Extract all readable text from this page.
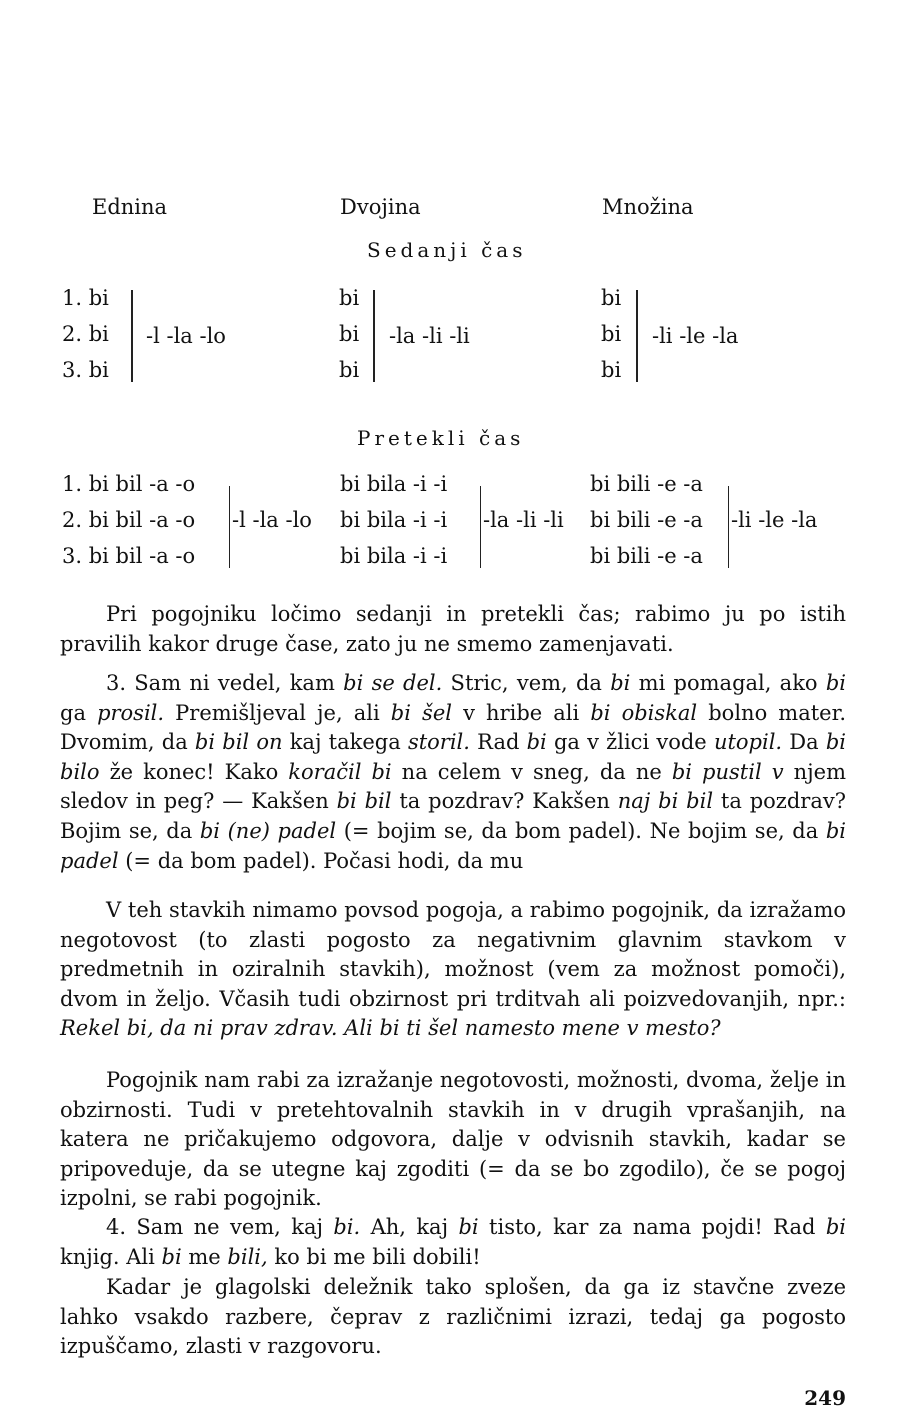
Ednina	Dvojina	Množina
Sedanji čas
1. bi
2. bi
3. bi
-l -la -lo
bi
bi
bi
-la -li -li
bi
bi
bi
-li -le -la
Pretekli čas
1. bi bil -a -o
2. bi bil -a -o
3. bi bil -a -o
-l -la -lo
bi bila -i -i
bi bila -i -i
bi bila -i -i
-la -li -li
bi bili -e -a
bi bili -e -a
bi bili -e -a
-li -le -la

Pri pogojniku ločimo sedanji in pretekli čas; rabimo ju po istih pravilih kakor druge čase, zato ju ne smemo zamenjavati.

3. Sam ni vedel, kam bi se del. Stric, vem, da bi mi pomagal, ako bi ga prosil. Premišljeval je, ali bi šel v hribe ali bi obiskal bolno mater. Dvomim, da bi bil on kaj takega storil. Rad bi ga v žlici vode utopil. Da bi bilo že konec! Kako koračil bi na celem v sneg, da ne bi pustil v njem sledov in peg? — Kakšen bi bil ta pozdrav? Kakšen naj bi bil ta pozdrav? Bojim se, da bi (ne) padel (= bojim se, da bom padel). Ne bojim se, da bi padel (= da bom padel). Počasi hodi, da mu

V teh stavkih nimamo povsod pogoja, a rabimo pogojnik, da izražamo negotovost (to zlasti pogosto za negativnim glavnim stavkom v predmetnih in oziralnih stavkih), možnost (vem za možnost pomoči), dvom in željo. Včasih tudi obzirnost pri trditvah ali poizvedovanjih, npr.: Rekel bi, da ni prav zdrav. Ali bi ti šel namesto mene v mesto?

Pogojnik nam rabi za izražanje negotovosti, možnosti, dvoma, želje in obzirnosti. Tudi v pretehtovalnih stavkih in v drugih vprašanjih, na katera ne pričakujemo odgovora, dalje v odvisnih stavkih, kadar se pripoveduje, da se utegne kaj zgoditi (= da se bo zgodilo), če se pogoj izpolni, se rabi pogojnik.

4. Sam ne vem, kaj bi. Ah, kaj bi tisto, kar za nama pojdi! Rad bi knjig. Ali bi me bili, ko bi me bili dobili!

Kadar je glagolski deležnik tako splošen, da ga iz stavčne zveze lahko vsakdo razbere, čeprav z različnimi izrazi, tedaj ga pogosto izpuščamo, zlasti v razgovoru.

249
